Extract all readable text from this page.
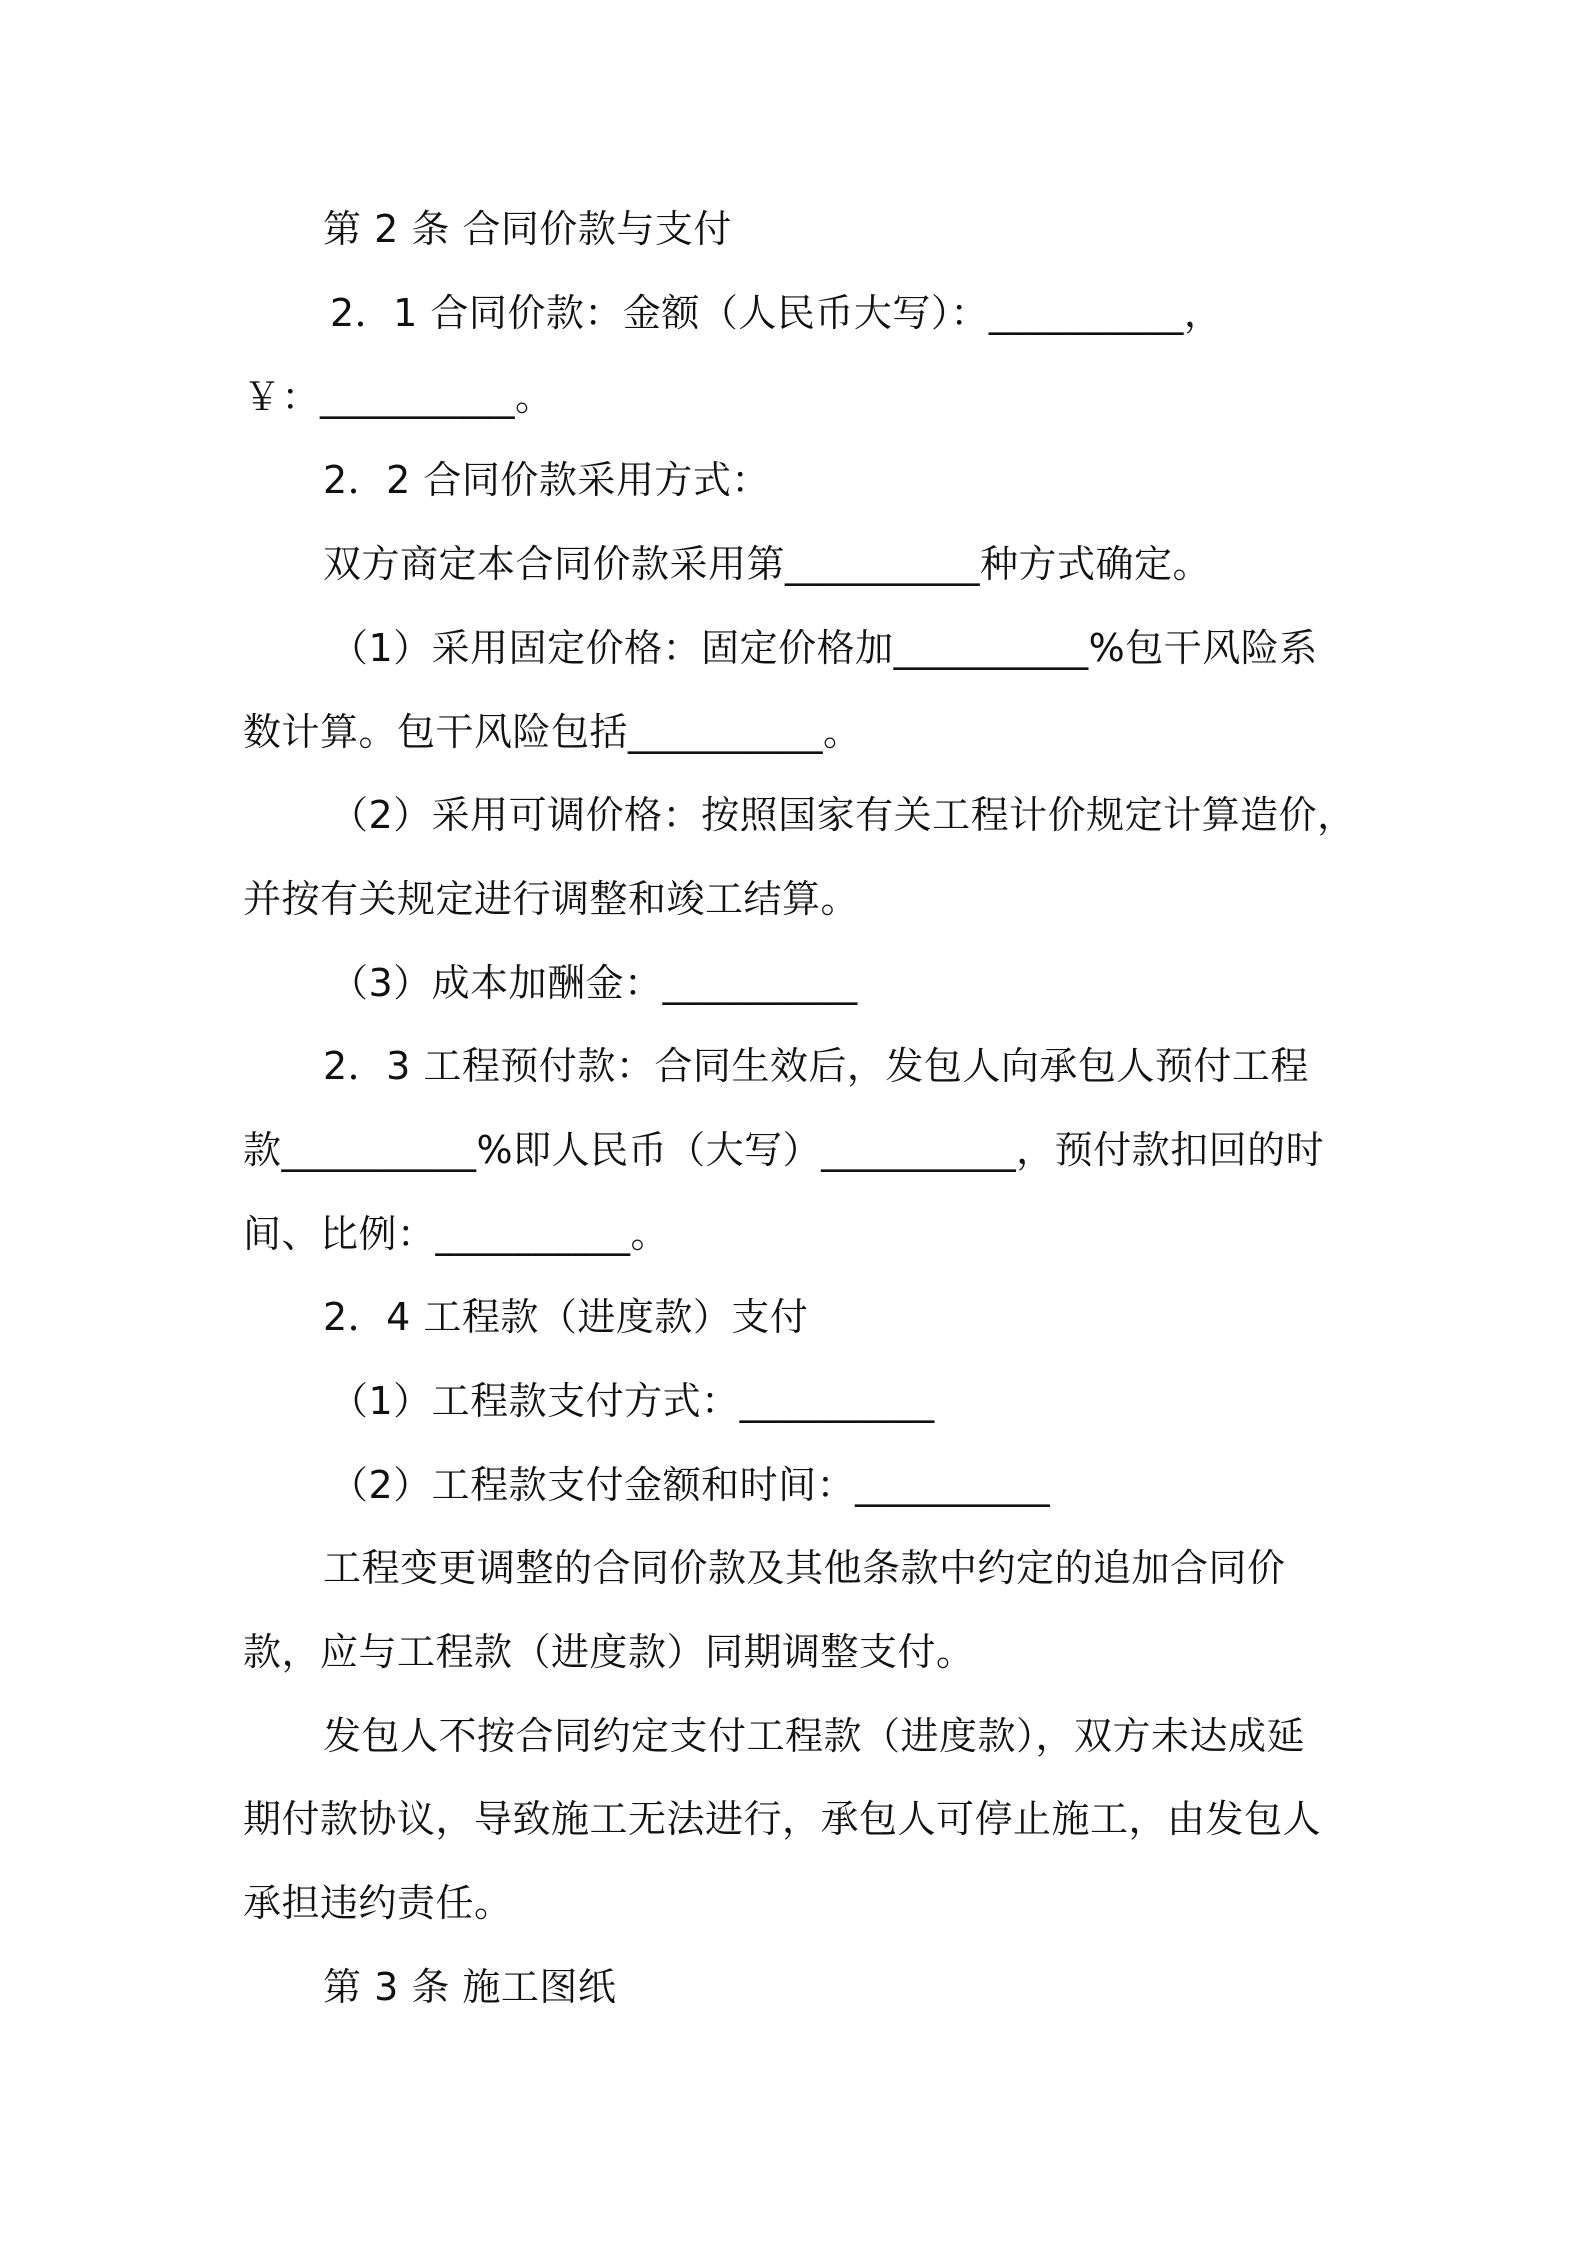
第 2 条 合同价款与支付
2．1 合同价款：金额（人民币大写）：__________，
￥：__________。
2．2 合同价款采用方式：
双方商定本合同价款采用第__________种方式确定。
（1）采用固定价格：固定价格加__________%包干风险系
数计算。包干风险包括__________。
（2）采用可调价格：按照国家有关工程计价规定计算造价，
并按有关规定进行调整和竣工结算。
（3）成本加酬金：__________
2．3 工程预付款：合同生效后，发包人向承包人预付工程
款__________%即人民币（大写）__________，预付款扣回的时
间、比例：__________。
2．4 工程款（进度款）支付
（1）工程款支付方式：__________
（2）工程款支付金额和时间：__________
工程变更调整的合同价款及其他条款中约定的追加合同价
款，应与工程款（进度款）同期调整支付。
发包人不按合同约定支付工程款（进度款），双方未达成延
期付款协议，导致施工无法进行，承包人可停止施工，由发包人
承担违约责任。
第 3 条 施工图纸
